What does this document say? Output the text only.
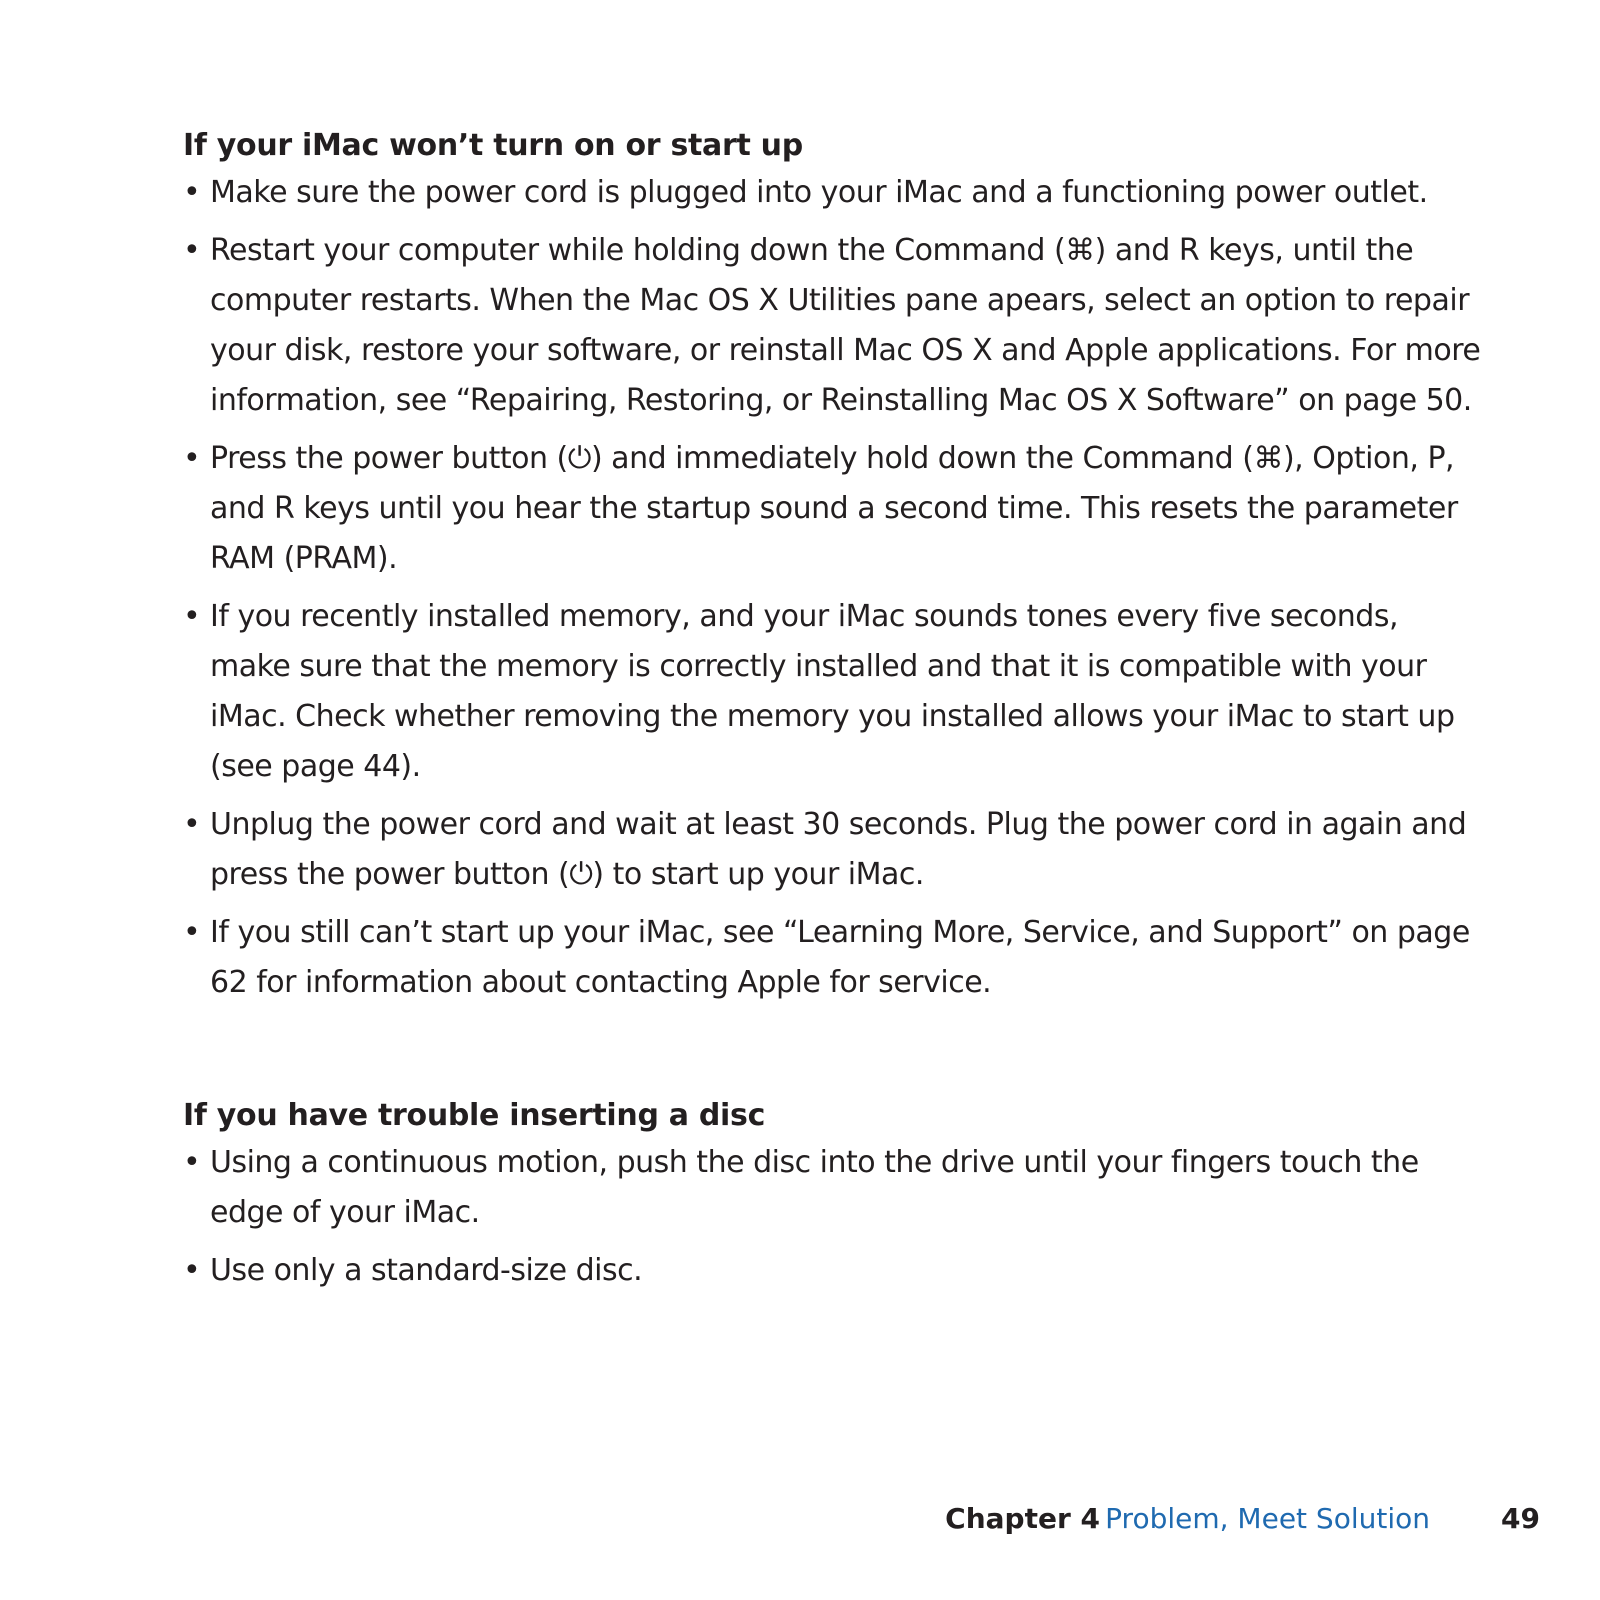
If your iMac won’t turn on or start up
• Make sure the power cord is plugged into your iMac and a functioning power outlet.
• Restart your computer while holding down the Command (⌘) and R keys, until the computer restarts. When the Mac OS X Utilities pane apears, select an option to repair your disk, restore your software, or reinstall Mac OS X and Apple applications. For more information, see “Repairing, Restoring, or Reinstalling Mac OS X Software” on page 50.
• Press the power button (⏻) and immediately hold down the Command (⌘), Option, P, and R keys until you hear the startup sound a second time. This resets the parameter RAM (PRAM).
• If you recently installed memory, and your iMac sounds tones every five seconds, make sure that the memory is correctly installed and that it is compatible with your iMac. Check whether removing the memory you installed allows your iMac to start up (see page 44).
• Unplug the power cord and wait at least 30 seconds. Plug the power cord in again and press the power button (⏻) to start up your iMac.
• If you still can’t start up your iMac, see “Learning More, Service, and Support” on page 62 for information about contacting Apple for service.
If you have trouble inserting a disc
• Using a continuous motion, push the disc into the drive until your fingers touch the edge of your iMac.
• Use only a standard-size disc.
Chapter 4 Problem, Meet Solution	49
